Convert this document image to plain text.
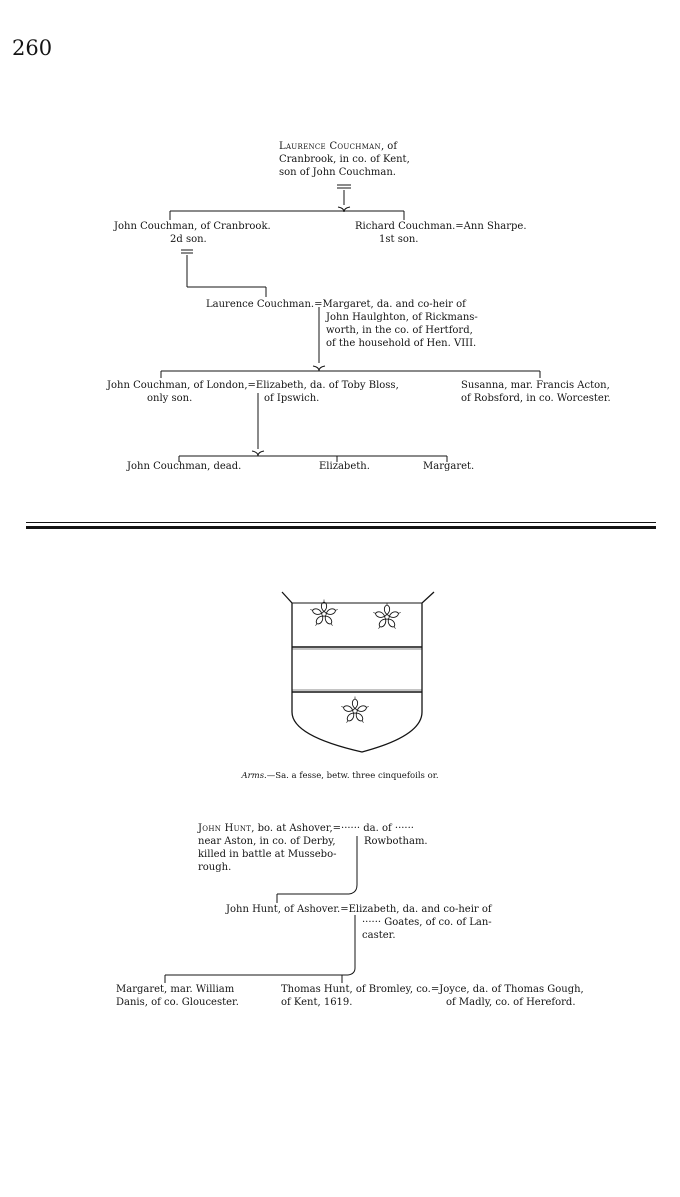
260
Laurence Couchman, of
Cranbrook, in co. of Kent,
son of John Couchman.
John Couchman, of Cranbrook.
2d son.
Richard Couchman.=Ann Sharpe.
1st son.
Laurence Couchman.=Margaret, da. and co-heir of
John Haulghton, of Rickmans-
worth, in the co. of Hertford,
of the household of Hen. VIII.
John Couchman, of London,=Elizabeth, da. of Toby Bloss,
only son.	of Ipswich.
Susanna, mar. Francis Acton,
of Robsford, in co. Worcester.
John Couchman, dead.	Elizabeth.	Margaret.
Arms.—Sa. a fesse, betw. three cinquefoils or.
John Hunt, bo. at Ashover,=······ da. of ······
near Aston, in co. of Derby,	Rowbotham.
killed in battle at Mussebo-
rough.
John Hunt, of Ashover.=Elizabeth, da. and co-heir of
······ Goates, of co. of Lan-
caster.
Margaret, mar. William
Danis, of co. Gloucester.
Thomas Hunt, of Bromley, co.=Joyce, da. of Thomas Gough,
of Kent, 1619.	of Madly, co. of Hereford.
